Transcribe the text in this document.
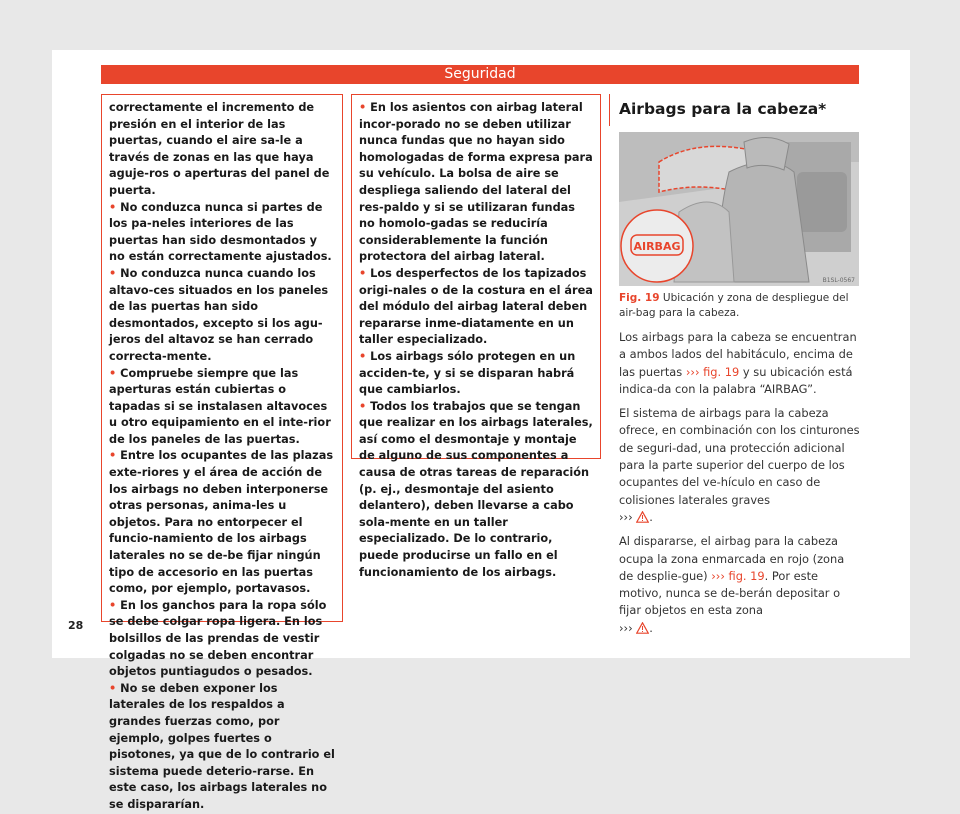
Seguridad

correctamente el incremento de presión en el interior de las puertas, cuando el aire sa-le a través de zonas en las que haya aguje-ros o aperturas del panel de puerta.

• No conduzca nunca si partes de los pa-neles interiores de las puertas han sido desmontados y no están correctamente ajustados.

• No conduzca nunca cuando los altavo-ces situados en los paneles de las puertas han sido desmontados, excepto si los agu-jeros del altavoz se han cerrado correcta-mente.

• Compruebe siempre que las aperturas están cubiertas o tapadas si se instalasen altavoces u otro equipamiento en el inte-rior de los paneles de las puertas.

• Entre los ocupantes de las plazas exte-riores y el área de acción de los airbags no deben interponerse otras personas, anima-les u objetos. Para no entorpecer el funcio-namiento de los airbags laterales no se de-be fijar ningún tipo de accesorio en las puertas como, por ejemplo, portavasos.

• En los ganchos para la ropa sólo se debe colgar ropa ligera. En los bolsillos de las prendas de vestir colgadas no se deben encontrar objetos puntiagudos o pesados.

• No se deben exponer los laterales de los respaldos a grandes fuerzas como, por ejemplo, golpes fuertes o pisotones, ya que de lo contrario el sistema puede deterio-rarse. En este caso, los airbags laterales no se dispararían.

• En los asientos con airbag lateral incor-porado no se deben utilizar nunca fundas que no hayan sido homologadas de forma expresa para su vehículo. La bolsa de aire se despliega saliendo del lateral del res-paldo y si se utilizaran fundas no homolo-gadas se reduciría considerablemente la función protectora del airbag lateral.

• Los desperfectos de los tapizados origi-nales o de la costura en el área del módulo del airbag lateral deben repararse inme-diatamente en un taller especializado.

• Los airbags sólo protegen en un acciden-te, y si se disparan habrá que cambiarlos.

• Todos los trabajos que se tengan que realizar en los airbags laterales, así como el desmontaje y montaje de alguno de sus componentes a causa de otras tareas de reparación (p. ej., desmontaje del asiento delantero), deben llevarse a cabo sola-mente en un taller especializado. De lo contrario, puede producirse un fallo en el funcionamiento de los airbags.

Airbags para la cabeza*
AIRBAG
B1SL-0567
Fig. 19 Ubicación y zona de despliegue del air-bag para la cabeza.

Los airbags para la cabeza se encuentran a ambos lados del habitáculo, encima de las puertas ››› fig. 19 y su ubicación está indica-da con la palabra “AIRBAG”.

El sistema de airbags para la cabeza ofrece, en combinación con los cinturones de seguri-dad, una protección adicional para la parte superior del cuerpo de los ocupantes del ve-hículo en caso de colisiones laterales graves
››› .

Al dispararse, el airbag para la cabeza ocupa la zona enmarcada en rojo (zona de desplie-gue) ››› fig. 19. Por este motivo, nunca se de-berán depositar o fijar objetos en esta zona
››› .

28
